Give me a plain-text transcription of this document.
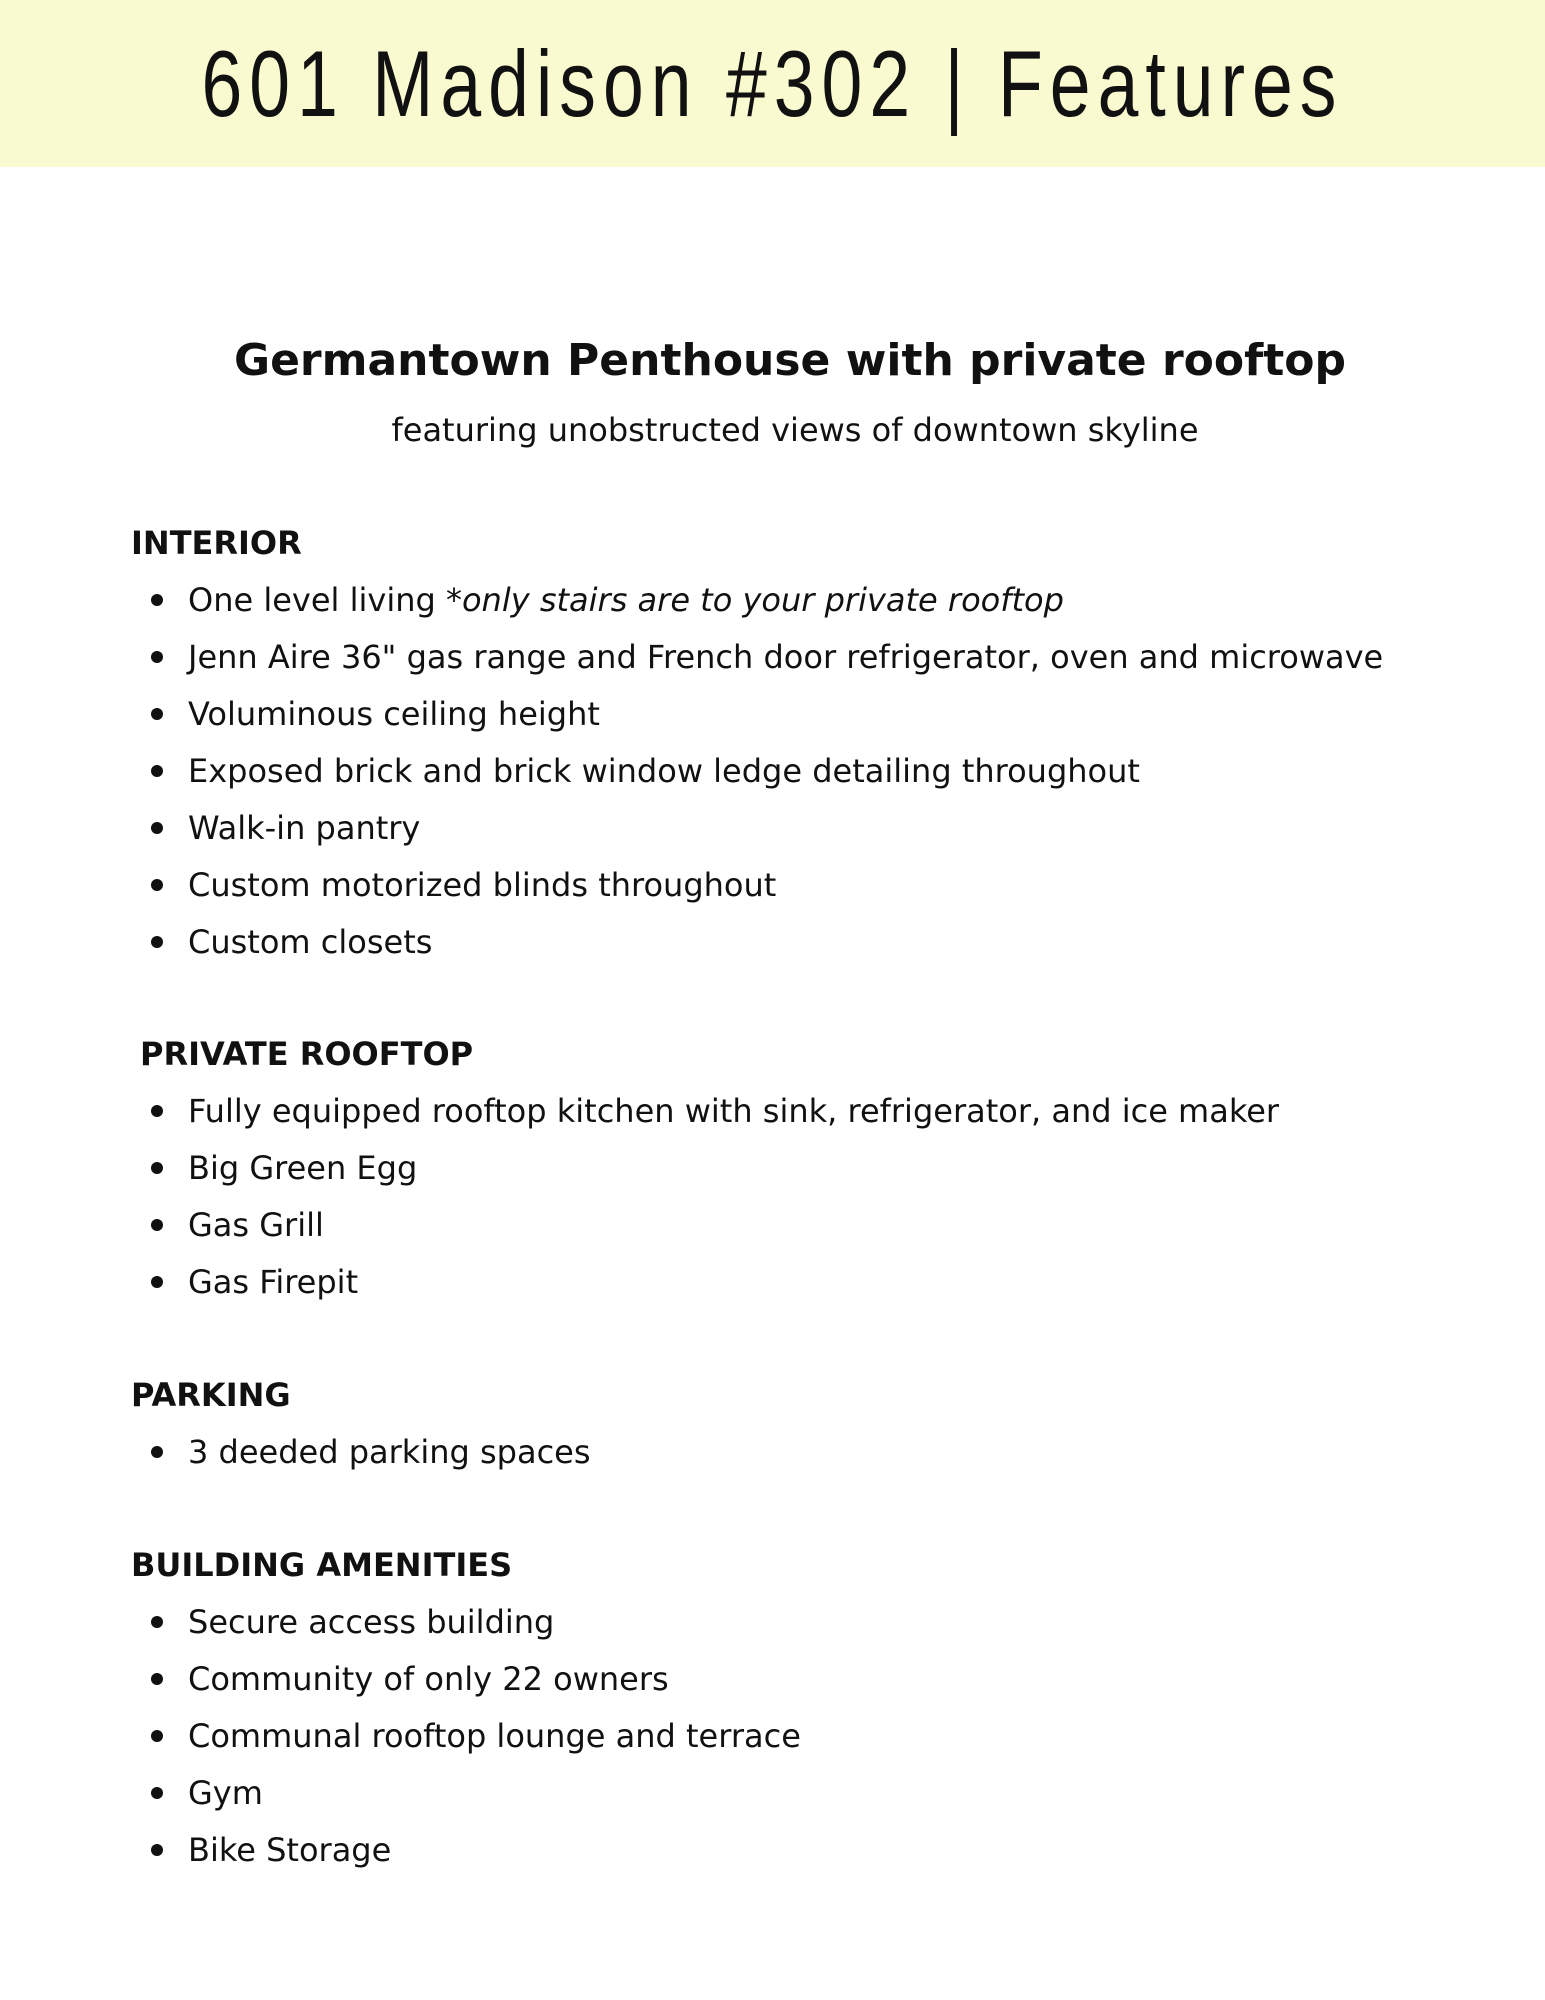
601 Madison #302 | Features
Germantown Penthouse with private rooftop
featuring unobstructed views of downtown skyline
INTERIOR
One level living *only stairs are to your private rooftop
Jenn Aire 36" gas range and French door refrigerator, oven and microwave
Voluminous ceiling height
Exposed brick and brick window ledge detailing throughout
Walk-in pantry
Custom motorized blinds throughout
Custom closets
PRIVATE ROOFTOP
Fully equipped rooftop kitchen with sink, refrigerator, and ice maker
Big Green Egg
Gas Grill
Gas Firepit
PARKING
3 deeded parking spaces
BUILDING AMENITIES
Secure access building
Community of only 22 owners
Communal rooftop lounge and terrace
Gym
Bike Storage
